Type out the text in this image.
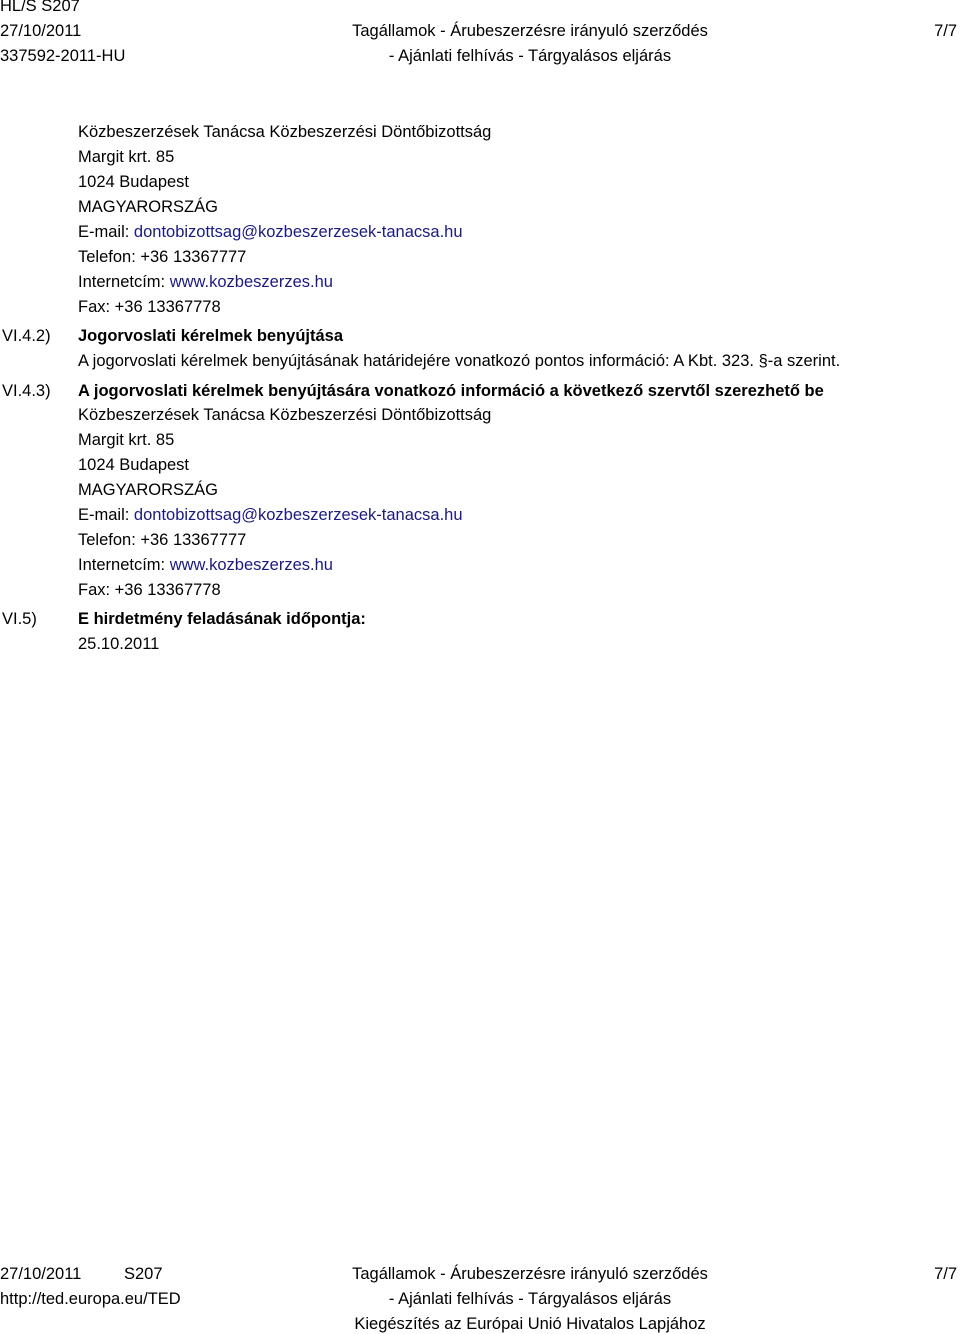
HL/S S207
27/10/2011
337592-2011-HU
Tagállamok - Árubeszerzésre irányuló szerződés
- Ajánlati felhívás - Tárgyalásos eljárás
7/7
Közbeszerzések Tanácsa Közbeszerzési Döntőbizottság
Margit krt. 85
1024 Budapest
MAGYARORSZÁG
E-mail: dontobizottsag@kozbeszerzesek-tanacsa.hu
Telefon: +36 13367777
Internetcím: www.kozbeszerzes.hu
Fax: +36 13367778
VI.4.2) Jogorvoslati kérelmek benyújtása
A jogorvoslati kérelmek benyújtásának határidejére vonatkozó pontos információ: A Kbt. 323. §-a szerint.
VI.4.3) A jogorvoslati kérelmek benyújtására vonatkozó információ a következő szervtől szerezhető be
Közbeszerzések Tanácsa Közbeszerzési Döntőbizottság
Margit krt. 85
1024 Budapest
MAGYARORSZÁG
E-mail: dontobizottsag@kozbeszerzesek-tanacsa.hu
Telefon: +36 13367777
Internetcím: www.kozbeszerzes.hu
Fax: +36 13367778
VI.5) E hirdetmény feladásának időpontja:
25.10.2011
27/10/2011	S207
http://ted.europa.eu/TED
Tagállamok - Árubeszerzésre irányuló szerződés
- Ajánlati felhívás - Tárgyalásos eljárás
Kiegészítés az Európai Unió Hivatalos Lapjához
7/7
